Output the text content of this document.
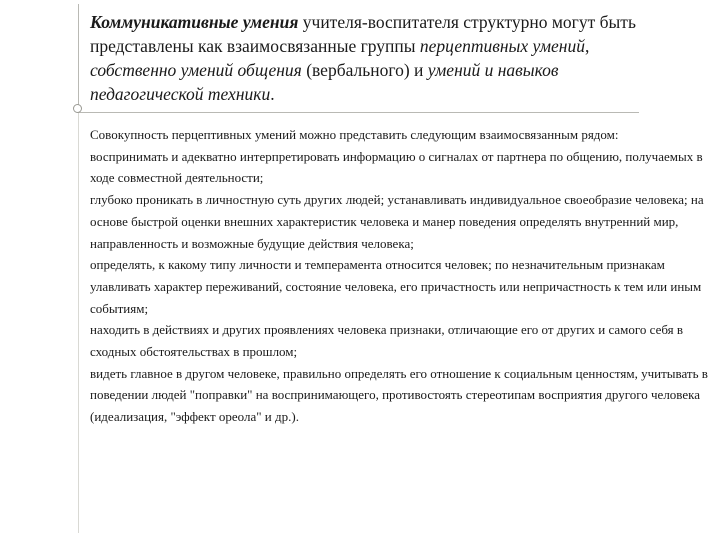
Коммуникативные умения учителя-воспитателя структурно могут быть представлены как взаимосвязанные группы перцептивных умений, собственно умений общения (вербального) и умений и навыков педагогической техники.

Совокупность перцептивных умений можно представить следующим взаимосвязанным рядом:

воспринимать и адекватно интерпретировать информацию о сигналах от партнера по общению, получаемых в ходе совместной деятельности;

глубоко проникать в личностную суть других людей; устанавливать индивидуальное своеобразие человека; на основе быстрой оценки внешних характеристик человека и манер поведения определять внутренний мир, направленность и возможные будущие действия человека;

определять, к какому типу личности и темперамента относится человек; по незначительным признакам улавливать характер переживаний, состояние человека, его причастность или непричастность к тем или иным событиям;

находить в действиях и других проявлениях человека признаки, отличающие его от других и самого себя в сходных обстоятельствах в прошлом;

видеть главное в другом человеке, правильно определять его отношение к социальным ценностям, учитывать в поведении людей "поправки" на воспринимающего, противостоять стереотипам восприятия другого человека (идеализация, "эффект ореола" и др.).
